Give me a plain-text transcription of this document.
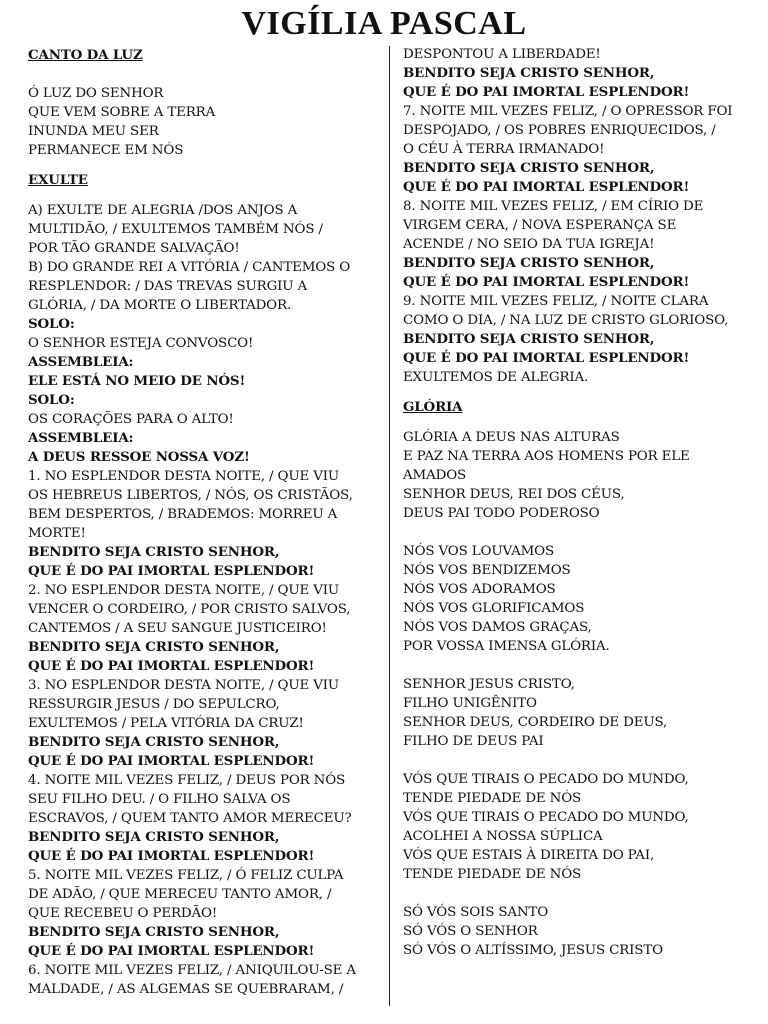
VIGÍLIA PASCAL
CANTO DA LUZ
Ó LUZ DO SENHOR
QUE VEM SOBRE A TERRA
INUNDA MEU SER
PERMANECE EM NÓS
EXULTE
A) EXULTE DE ALEGRIA /DOS ANJOS A
MULTIDÃO, / EXULTEMOS TAMBÉM NÓS /
POR TÃO GRANDE SALVAÇÃO!
B) DO GRANDE REI A VITÓRIA / CANTEMOS O
RESPLENDOR: / DAS TREVAS SURGIU A
GLÓRIA, / DA MORTE O LIBERTADOR.
SOLO:
O SENHOR ESTEJA CONVOSCO!
ASSEMBLEIA:
ELE ESTÁ NO MEIO DE NÓS!
SOLO:
OS CORAÇÕES PARA O ALTO!
ASSEMBLEIA:
A DEUS RESSOE NOSSA VOZ!
1. NO ESPLENDOR DESTA NOITE, / QUE VIU
OS HEBREUS LIBERTOS, / NÓS, OS CRISTÃOS,
BEM DESPERTOS, / BRADEMOS: MORREU A
MORTE!
BENDITO SEJA CRISTO SENHOR,
QUE É DO PAI IMORTAL ESPLENDOR!
2. NO ESPLENDOR DESTA NOITE, / QUE VIU
VENCER O CORDEIRO, / POR CRISTO SALVOS,
CANTEMOS / A SEU SANGUE JUSTICEIRO!
BENDITO SEJA CRISTO SENHOR,
QUE É DO PAI IMORTAL ESPLENDOR!
3. NO ESPLENDOR DESTA NOITE, / QUE VIU
RESSURGIR JESUS / DO SEPULCRO,
EXULTEMOS / PELA VITÓRIA DA CRUZ!
BENDITO SEJA CRISTO SENHOR,
QUE É DO PAI IMORTAL ESPLENDOR!
4. NOITE MIL VEZES FELIZ, / DEUS POR NÓS
SEU FILHO DEU. / O FILHO SALVA OS
ESCRAVOS, / QUEM TANTO AMOR MERECEU?
BENDITO SEJA CRISTO SENHOR,
QUE É DO PAI IMORTAL ESPLENDOR!
5. NOITE MIL VEZES FELIZ, / Ó FELIZ CULPA
DE ADÃO, / QUE MERECEU TANTO AMOR, /
QUE RECEBEU O PERDÃO!
BENDITO SEJA CRISTO SENHOR,
QUE É DO PAI IMORTAL ESPLENDOR!
6. NOITE MIL VEZES FELIZ, / ANIQUILOU-SE A
MALDADE, / AS ALGEMAS SE QUEBRARAM, /
DESPONTOU A LIBERDADE!
BENDITO SEJA CRISTO SENHOR,
QUE É DO PAI IMORTAL ESPLENDOR!
7. NOITE MIL VEZES FELIZ, / O OPRESSOR FOI
DESPOJADO, / OS POBRES ENRIQUECIDOS, /
O CÉU À TERRA IRMANADO!
BENDITO SEJA CRISTO SENHOR,
QUE É DO PAI IMORTAL ESPLENDOR!
8. NOITE MIL VEZES FELIZ, / EM CÍRIO DE
VIRGEM CERA, / NOVA ESPERANÇA SE
ACENDE / NO SEIO DA TUA IGREJA!
BENDITO SEJA CRISTO SENHOR,
QUE É DO PAI IMORTAL ESPLENDOR!
9. NOITE MIL VEZES FELIZ, / NOITE CLARA
COMO O DIA, / NA LUZ DE CRISTO GLORIOSO,
BENDITO SEJA CRISTO SENHOR,
QUE É DO PAI IMORTAL ESPLENDOR!
EXULTEMOS DE ALEGRIA.
GLÓRIA
GLÓRIA A DEUS NAS ALTURAS
E PAZ NA TERRA AOS HOMENS POR ELE
AMADOS
SENHOR DEUS, REI DOS CÉUS,
DEUS PAI TODO PODEROSO
NÓS VOS LOUVAMOS
NÓS VOS BENDIZEMOS
NÓS VOS ADORAMOS
NÓS VOS GLORIFICAMOS
NÓS VOS DAMOS GRAÇAS,
POR VOSSA IMENSA GLÓRIA.
SENHOR JESUS CRISTO,
FILHO UNIGÊNITO
SENHOR DEUS, CORDEIRO DE DEUS,
FILHO DE DEUS PAI
VÓS QUE TIRAIS O PECADO DO MUNDO,
TENDE PIEDADE DE NÓS
VÓS QUE TIRAIS O PECADO DO MUNDO,
ACOLHEI A NOSSA SÚPLICA
VÓS QUE ESTAIS À DIREITA DO PAI,
TENDE PIEDADE DE NÓS
SÓ VÓS SOIS SANTO
SÓ VÓS O SENHOR
SÓ VÓS O ALTÍSSIMO, JESUS CRISTO
